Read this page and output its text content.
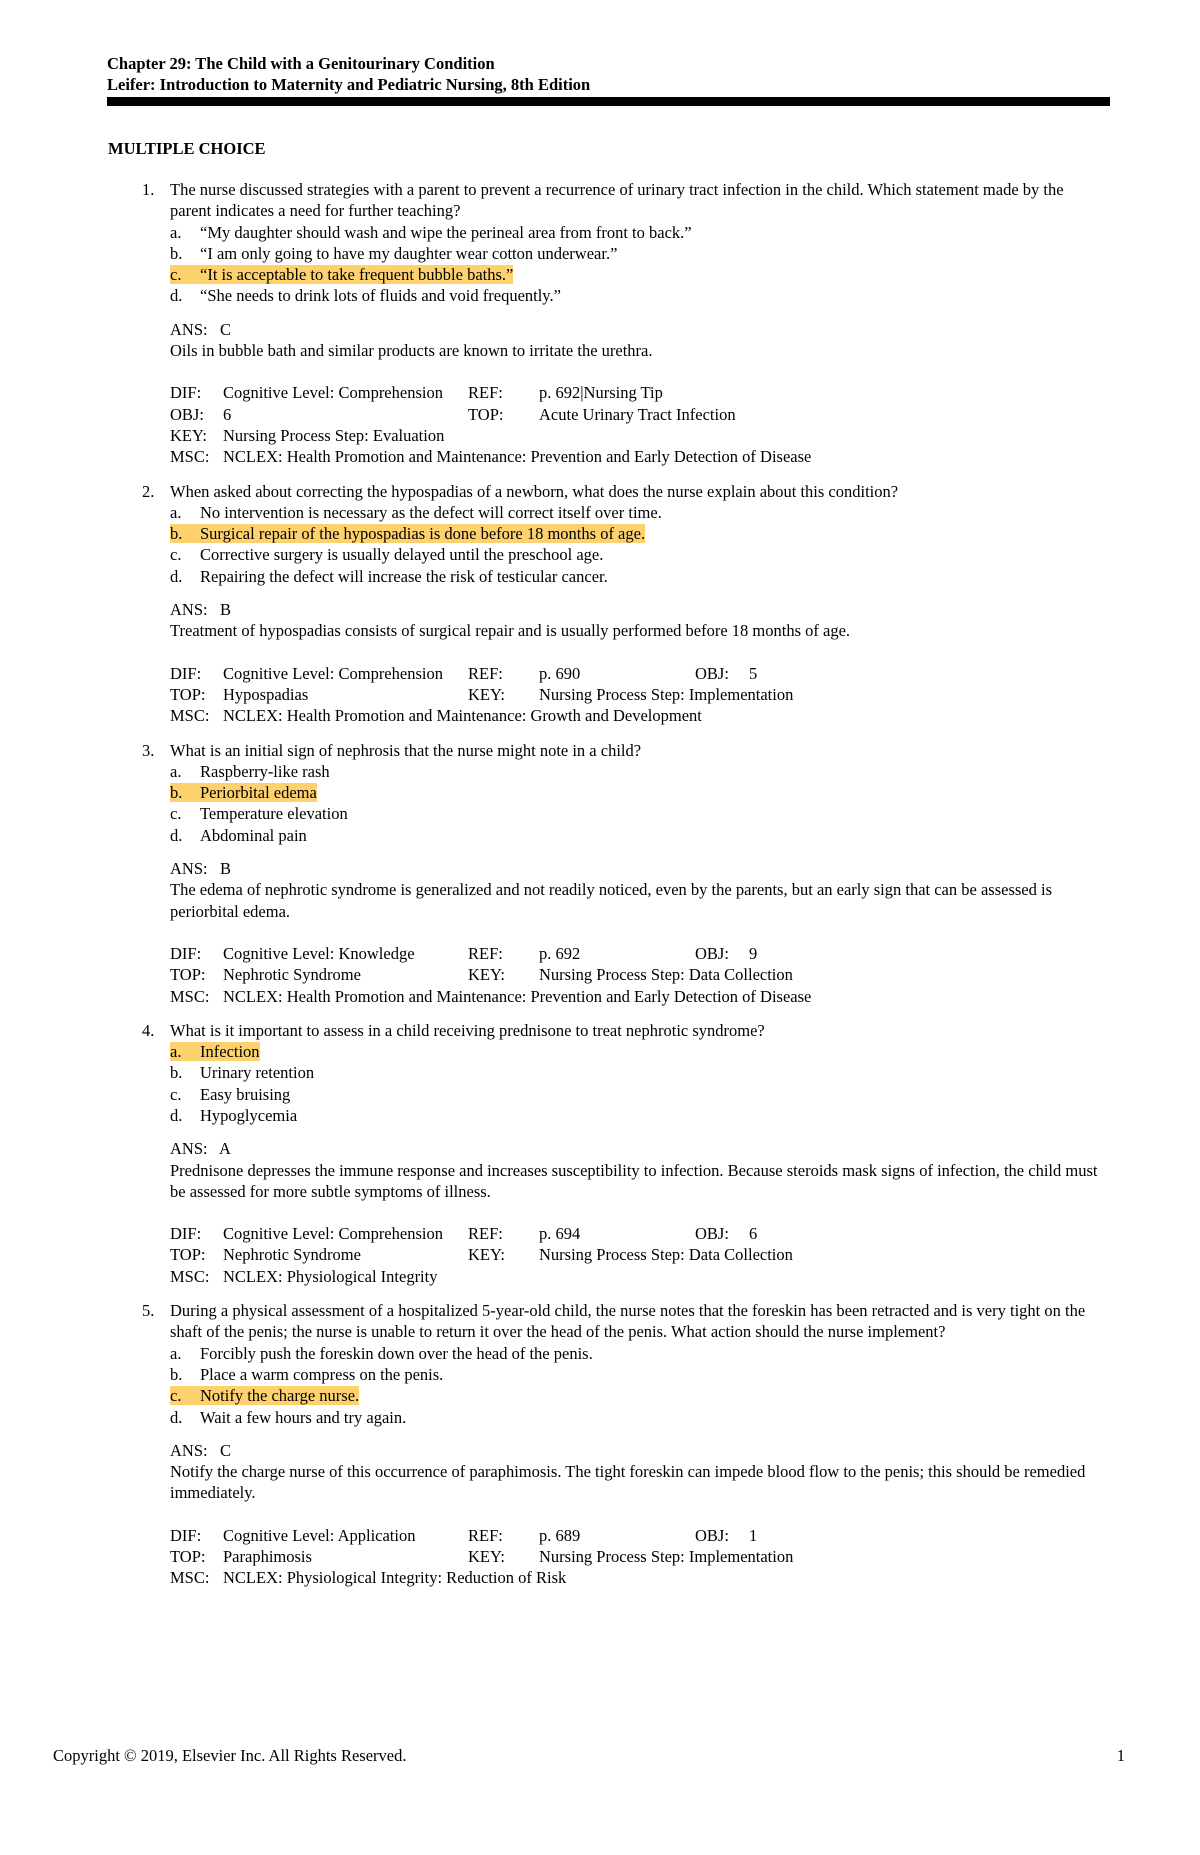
Chapter 29: The Child with a Genitourinary Condition
Leifer: Introduction to Maternity and Pediatric Nursing, 8th Edition
MULTIPLE CHOICE
1. The nurse discussed strategies with a parent to prevent a recurrence of urinary tract infection in the child. Which statement made by the parent indicates a need for further teaching?
a. “My daughter should wash and wipe the perineal area from front to back.”
b. “I am only going to have my daughter wear cotton underwear.”
c. “It is acceptable to take frequent bubble baths.”
d. “She needs to drink lots of fluids and void frequently.”
ANS:   C
Oils in bubble bath and similar products are known to irritate the urethra.
DIF: Cognitive Level: Comprehension REF: p. 692|Nursing Tip
OBJ: 6	TOP: Acute Urinary Tract Infection
KEY: Nursing Process Step: Evaluation
MSC: NCLEX: Health Promotion and Maintenance: Prevention and Early Detection of Disease
2. When asked about correcting the hypospadias of a newborn, what does the nurse explain about this condition?
a. No intervention is necessary as the defect will correct itself over time.
b. Surgical repair of the hypospadias is done before 18 months of age.
c. Corrective surgery is usually delayed until the preschool age.
d. Repairing the defect will increase the risk of testicular cancer.
ANS:   B
Treatment of hypospadias consists of surgical repair and is usually performed before 18 months of age.
DIF: Cognitive Level: Comprehension REF: p. 690	OBJ: 5
TOP: Hypospadias	KEY: Nursing Process Step: Implementation
MSC: NCLEX: Health Promotion and Maintenance: Growth and Development
3. What is an initial sign of nephrosis that the nurse might note in a child?
a. Raspberry-like rash
b. Periorbital edema
c. Temperature elevation
d. Abdominal pain
ANS:   B
The edema of nephrotic syndrome is generalized and not readily noticed, even by the parents, but an early sign that can be assessed is periorbital edema.
DIF: Cognitive Level: Knowledge	REF: p. 692	OBJ: 9
TOP: Nephrotic Syndrome	KEY: Nursing Process Step: Data Collection
MSC: NCLEX: Health Promotion and Maintenance: Prevention and Early Detection of Disease
4. What is it important to assess in a child receiving prednisone to treat nephrotic syndrome?
a. Infection
b. Urinary retention
c. Easy bruising
d. Hypoglycemia
ANS:   A
Prednisone depresses the immune response and increases susceptibility to infection. Because steroids mask signs of infection, the child must be assessed for more subtle symptoms of illness.
DIF: Cognitive Level: Comprehension REF: p. 694	OBJ: 6
TOP: Nephrotic Syndrome	KEY: Nursing Process Step: Data Collection
MSC: NCLEX: Physiological Integrity
5. During a physical assessment of a hospitalized 5-year-old child, the nurse notes that the foreskin has been retracted and is very tight on the shaft of the penis; the nurse is unable to return it over the head of the penis. What action should the nurse implement?
a. Forcibly push the foreskin down over the head of the penis.
b. Place a warm compress on the penis.
c. Notify the charge nurse.
d. Wait a few hours and try again.
ANS:   C
Notify the charge nurse of this occurrence of paraphimosis. The tight foreskin can impede blood flow to the penis; this should be remedied immediately.
DIF: Cognitive Level: Application	REF: p. 689	OBJ: 1
TOP: Paraphimosis	KEY: Nursing Process Step: Implementation
MSC: NCLEX: Physiological Integrity: Reduction of Risk
Copyright © 2019, Elsevier Inc. All Rights Reserved.	1
